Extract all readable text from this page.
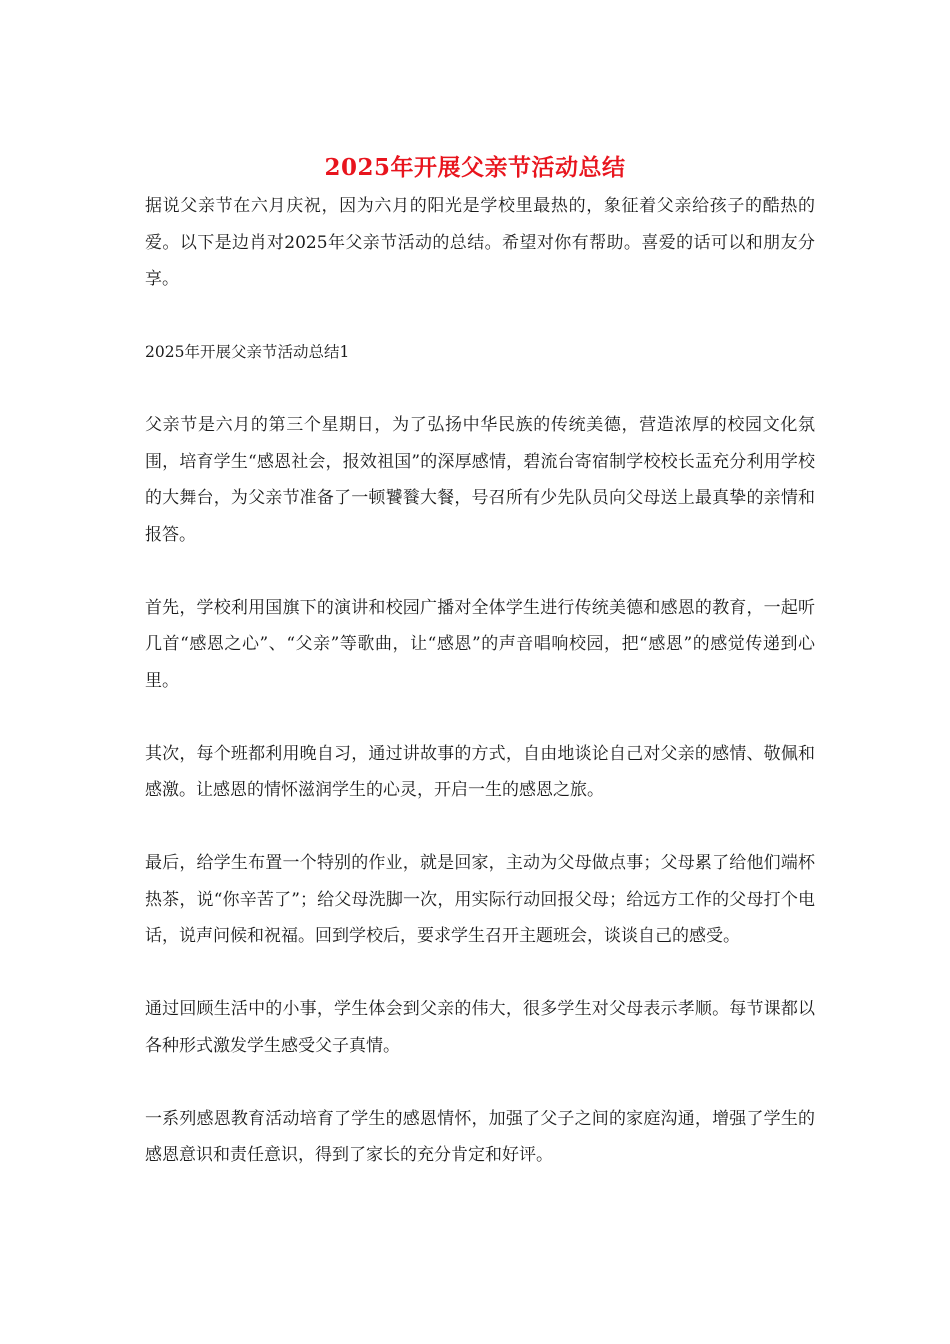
2025年开展父亲节活动总结

据说父亲节在六月庆祝，因为六月的阳光是学校里最热的，象征着父亲给孩子的酷热的爱。以下是边肖对2025年父亲节活动的总结。希望对你有帮助。喜爱的话可以和朋友分享。

2025年开展父亲节活动总结1

父亲节是六月的第三个星期日，为了弘扬中华民族的传统美德，营造浓厚的校园文化氛围，培育学生“感恩社会，报效祖国”的深厚感情，碧流台寄宿制学校校长盂充分利用学校的大舞台，为父亲节准备了一顿饕餮大餐，号召所有少先队员向父母送上最真挚的亲情和报答。

首先，学校利用国旗下的演讲和校园广播对全体学生进行传统美德和感恩的教育，一起听几首“感恩之心”、“父亲”等歌曲，让“感恩”的声音唱响校园，把“感恩”的感觉传递到心里。

其次，每个班都利用晚自习，通过讲故事的方式，自由地谈论自己对父亲的感情、敬佩和感激。让感恩的情怀滋润学生的心灵，开启一生的感恩之旅。

最后，给学生布置一个特别的作业，就是回家，主动为父母做点事；父母累了给他们端杯热茶，说“你辛苦了”；给父母洗脚一次，用实际行动回报父母；给远方工作的父母打个电话，说声问候和祝福。回到学校后，要求学生召开主题班会，谈谈自己的感受。

通过回顾生活中的小事，学生体会到父亲的伟大，很多学生对父母表示孝顺。每节课都以各种形式激发学生感受父子真情。

一系列感恩教育活动培育了学生的感恩情怀，加强了父子之间的家庭沟通，增强了学生的感恩意识和责任意识，得到了家长的充分肯定和好评。
